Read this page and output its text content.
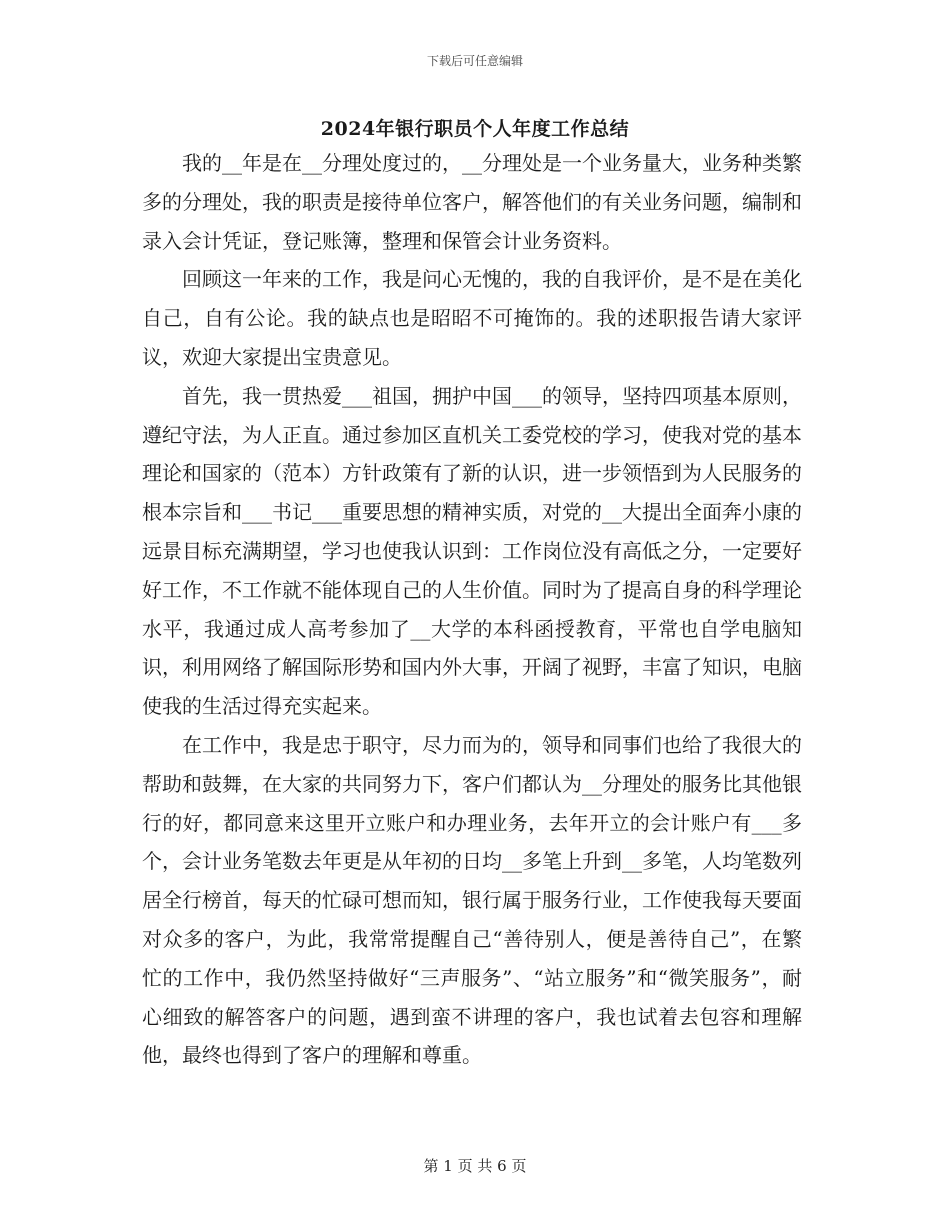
下载后可任意编辑
2024年银行职员个人年度工作总结

我的__年是在__分理处度过的，__分理处是一个业务量大，业务种类繁多的分理处，我的职责是接待单位客户，解答他们的有关业务问题，编制和录入会计凭证，登记账簿，整理和保管会计业务资料。

回顾这一年来的工作，我是问心无愧的，我的自我评价，是不是在美化自己，自有公论。我的缺点也是昭昭不可掩饰的。我的述职报告请大家评议，欢迎大家提出宝贵意见。

首先，我一贯热爱___祖国，拥护中国___的领导，坚持四项基本原则，遵纪守法，为人正直。通过参加区直机关工委党校的学习，使我对党的基本理论和国家的（范本）方针政策有了新的认识，进一步领悟到为人民服务的根本宗旨和___书记___重要思想的精神实质，对党的__大提出全面奔小康的远景目标充满期望，学习也使我认识到：工作岗位没有高低之分，一定要好好工作，不工作就不能体现自己的人生价值。同时为了提高自身的科学理论水平，我通过成人高考参加了__大学的本科函授教育，平常也自学电脑知识，利用网络了解国际形势和国内外大事，开阔了视野，丰富了知识，电脑使我的生活过得充实起来。

在工作中，我是忠于职守，尽力而为的，领导和同事们也给了我很大的帮助和鼓舞，在大家的共同努力下，客户们都认为__分理处的服务比其他银行的好，都同意来这里开立账户和办理业务，去年开立的会计账户有___多个，会计业务笔数去年更是从年初的日均__多笔上升到__多笔，人均笔数列居全行榜首，每天的忙碌可想而知，银行属于服务行业，工作使我每天要面对众多的客户，为此，我常常提醒自己“善待别人，便是善待自己”，在繁忙的工作中，我仍然坚持做好“三声服务”、“站立服务”和“微笑服务”，耐心细致的解答客户的问题，遇到蛮不讲理的客户，我也试着去包容和理解他，最终也得到了客户的理解和尊重。

第 1 页 共 6 页
